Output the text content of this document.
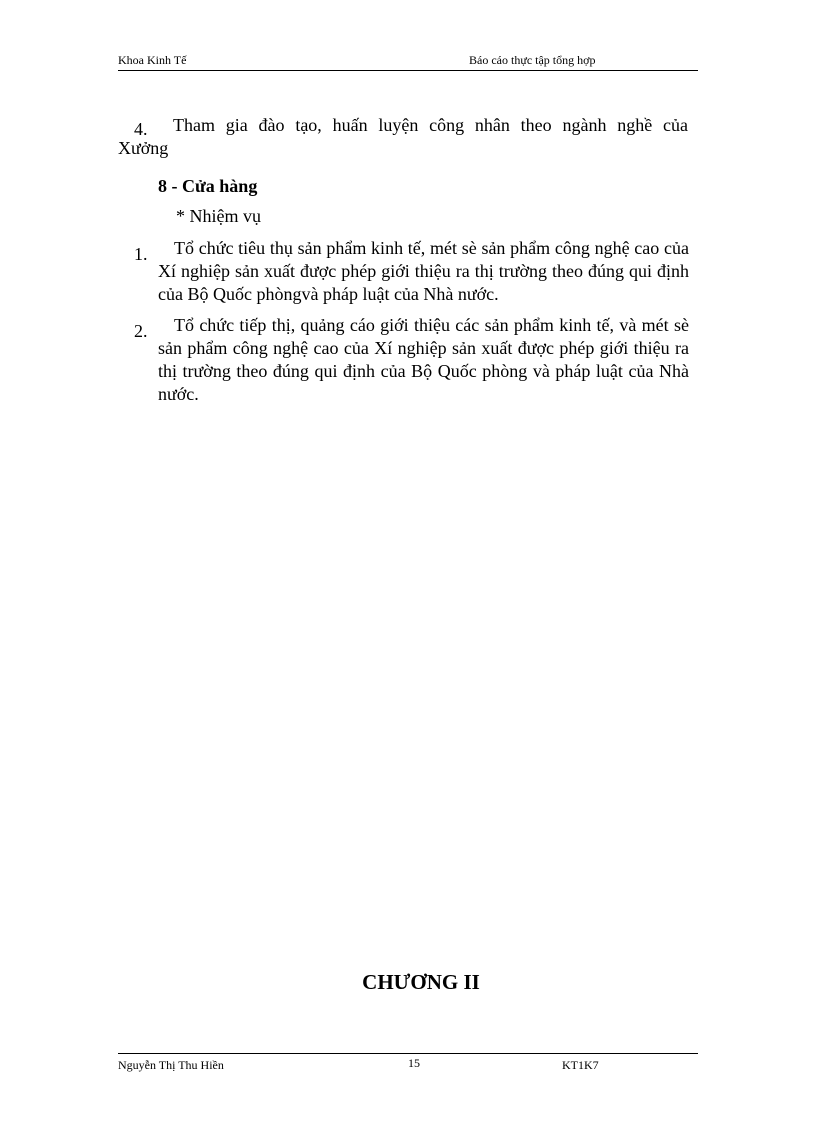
Khoa Kinh Tế	Báo cáo thực tập tổng hợp
4. Tham gia đào tạo, huấn luyện công nhân theo ngành nghề của
Xưởng
8 - Cửa hàng
* Nhiệm vụ
1.	Tổ chức tiêu thụ sản phẩm kinh tế, mét sè sản phẩm công nghệ cao của Xí nghiệp sản xuất được phép giới thiệu ra thị trường theo đúng qui định của Bộ Quốc phòngvà pháp luật của Nhà nước.
2.	Tổ chức tiếp thị, quảng cáo giới thiệu các sản phẩm kinh tế, và mét sè sản phẩm công nghệ cao của Xí nghiệp sản xuất được phép giới thiệu ra thị trường theo đúng qui định của Bộ Quốc phòng và pháp luật của Nhà nước.
CHƯƠNG II
Nguyễn Thị Thu Hiền	15	KT1K7
